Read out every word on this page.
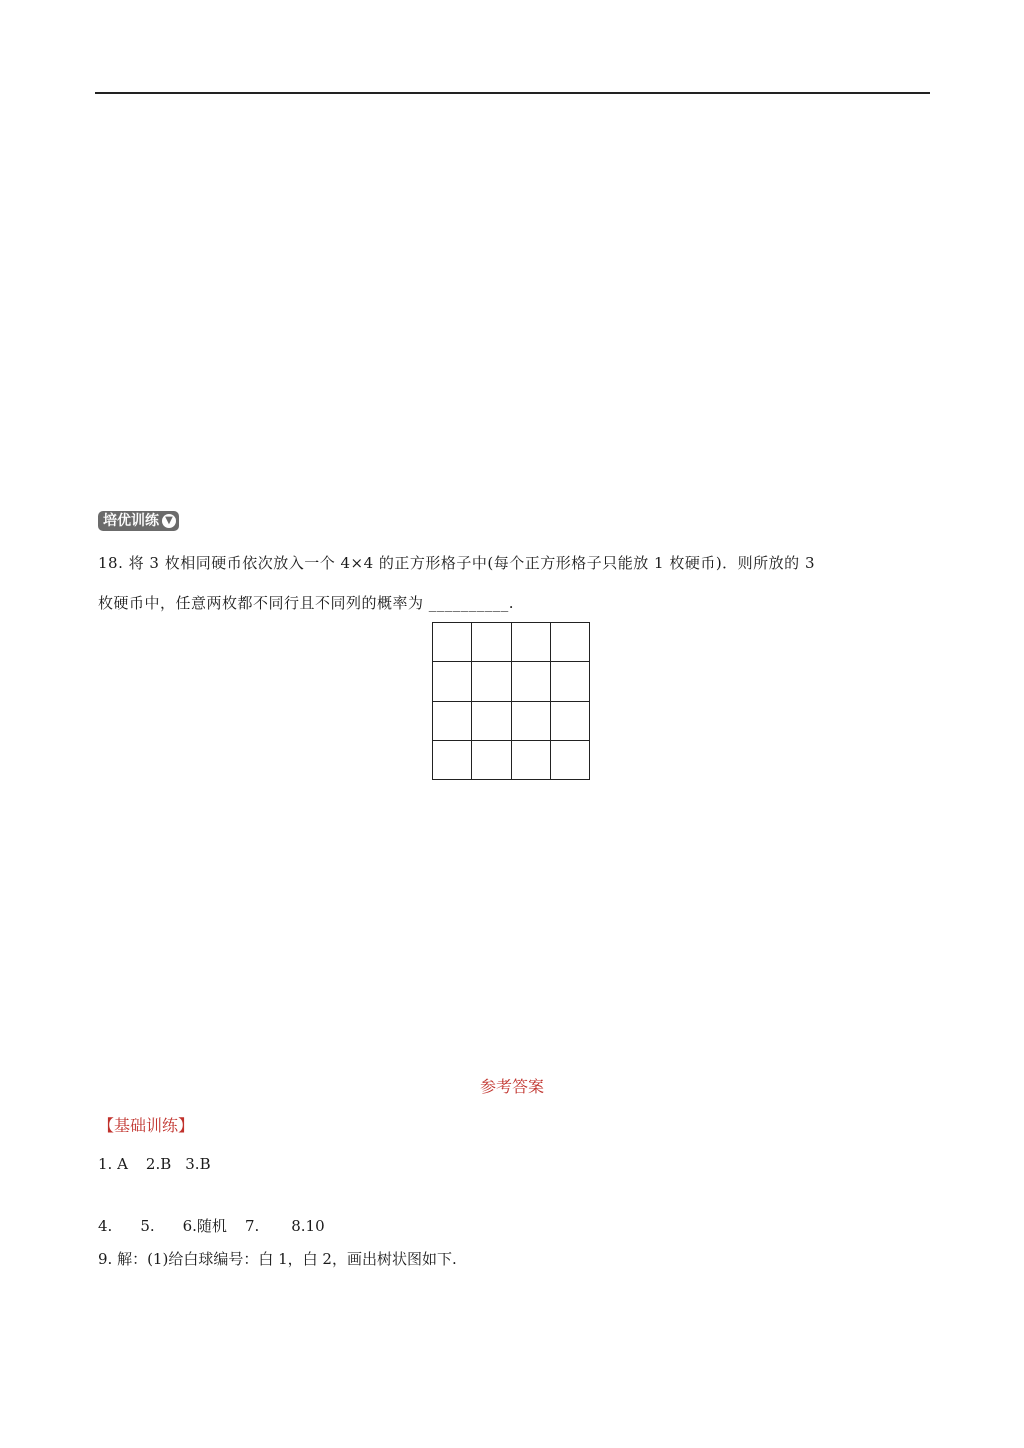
培优训练 ▼
18. 将 3 枚相同硬币依次放入一个 4×4 的正方形格子中(每个正方形格子只能放 1 枚硬币)．则所放的 3
枚硬币中，任意两枚都不同行且不同列的概率为 __________.
参考答案
【基础训练】
1. A 2.B 3.B
4. 5. 6.随机 7. 8.10
9. 解：(1)给白球编号：白 1，白 2，画出树状图如下.
